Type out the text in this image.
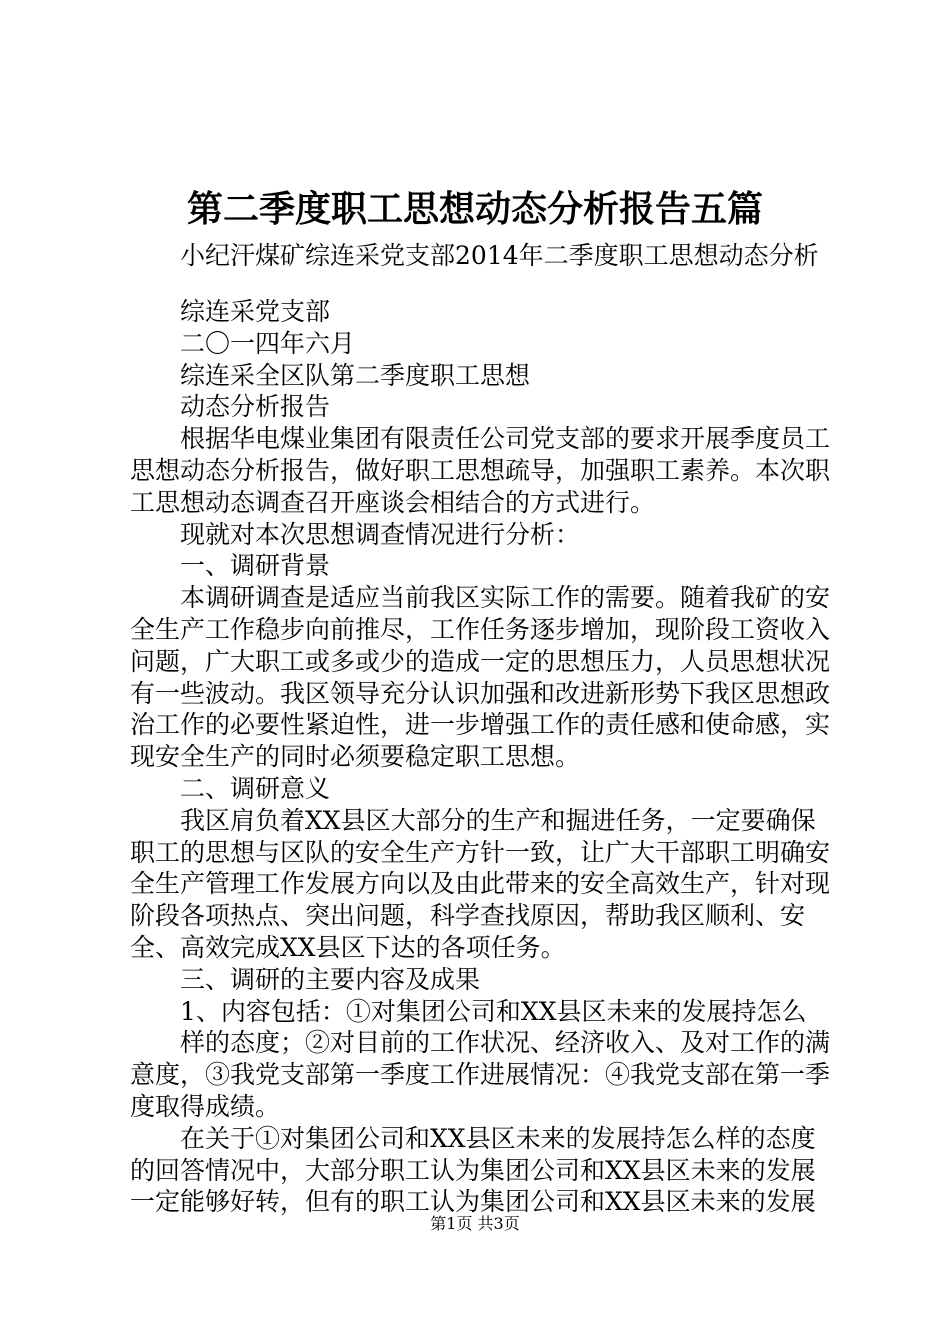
第二季度职工思想动态分析报告五篇
小纪汗煤矿综连采党支部2014年二季度职工思想动态分析

综连采党支部

二〇一四年六月

综连采全区队第二季度职工思想

动态分析报告

根据华电煤业集团有限责任公司党支部的要求开展季度员工思想动态分析报告，做好职工思想疏导，加强职工素养。本次职工思想动态调查召开座谈会相结合的方式进行。

现就对本次思想调查情况进行分析：

一、调研背景

本调研调查是适应当前我区实际工作的需要。随着我矿的安全生产工作稳步向前推尽，工作任务逐步增加，现阶段工资收入问题，广大职工或多或少的造成一定的思想压力，人员思想状况有一些波动。我区领导充分认识加强和改进新形势下我区思想政治工作的必要性紧迫性，进一步增强工作的责任感和使命感，实现安全生产的同时必须要稳定职工思想。

二、调研意义

我区肩负着XX县区大部分的生产和掘进任务，一定要确保职工的思想与区队的安全生产方针一致，让广大干部职工明确安全生产管理工作发展方向以及由此带来的安全高效生产，针对现阶段各项热点、突出问题，科学查找原因，帮助我区顺利、安全、高效完成XX县区下达的各项任务。

三、调研的主要内容及成果

1、内容包括：①对集团公司和XX县区未来的发展持怎么

样的态度；②对目前的工作状况、经济收入、及对工作的满意度，③我党支部第一季度工作进展情况：④我党支部在第一季度取得成绩。

在关于①对集团公司和XX县区未来的发展持怎么样的态度的回答情况中，大部分职工认为集团公司和XX县区未来的发展一定能够好转，但有的职工认为集团公司和XX县区未来的发展

第1页 共3页
